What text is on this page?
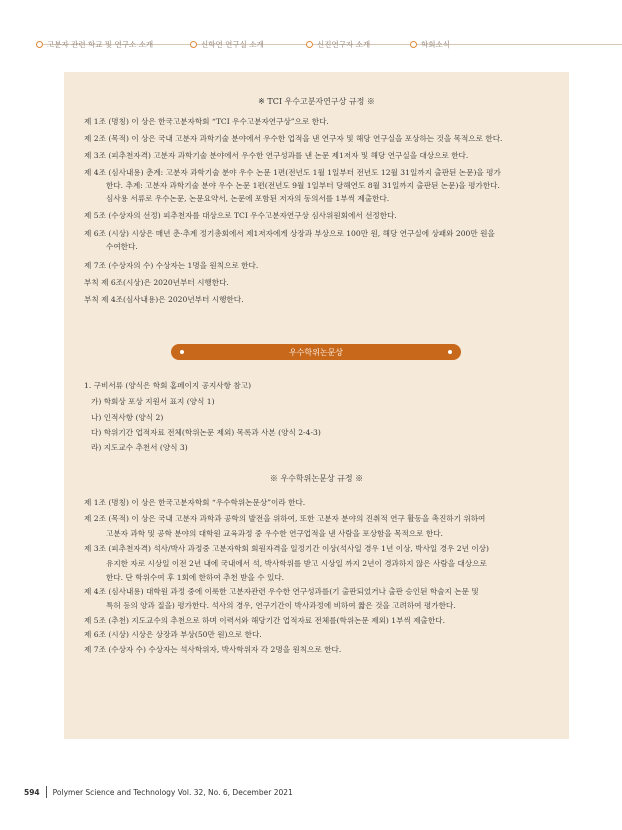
고분자 관련 학교 및 연구소 소개	신학연 연구실 소개	신진연구자 소개	학회소식
※ TCI 우수고분자연구상 규정 ※
제 1조 (명칭) 이 상은 한국고분자학회 “TCI 우수고분자연구상”으로 한다.
제 2조 (목적) 이 상은 국내 고분자 과학기술 분야에서 우수한 업적을 낸 연구자 및 해당 연구실을 포상하는 것을 목적으로 한다.
제 3조 (피추천자격) 고분자 과학기술 분야에서 우수한 연구성과를 낸 논문 제1저자 및 해당 연구실을 대상으로 한다.
제 4조 (심사내용) 춘계: 고분자 과학기술 분야 우수 논문 1편(전년도 1월 1일부터 전년도 12월 31일까지 출판된 논문)을 평가
한다. 추계: 고분자 과학기술 분야 우수 논문 1편(전년도 9월 1일부터 당해연도 8월 31일까지 출판된 논문)을 평가한다.
심사용 서류로 우수논문, 논문요약서, 논문에 포함된 저자의 동의서를 1부씩 제출한다.
제 5조 (수상자의 선정) 피추천자를 대상으로 TCI 우수고분자연구상 심사위원회에서 선정한다.
제 6조 (시상) 시상은 매년 춘·추계 정기총회에서 제1저자에게 상장과 부상으로 100만 원, 해당 연구실에 상패와 200만 원을
수여한다.
제 7조 (수상자의 수) 수상자는 1명을 원칙으로 한다.
부칙 제 6조(시상)은 2020년부터 시행한다.
부칙 제 4조(심사내용)은 2020년부터 시행한다.
우수학위논문상
1. 구비서류 (양식은 학회 홈페이지 공지사항 참고)
가) 학회상 포상 지원서 표지 (양식 1)
나) 인적사항 (양식 2)
다) 학위기간 업적자료 전체(학위논문 제외) 목록과 사본 (양식 2-4-3)
라) 지도교수 추천서 (양식 3)
※ 우수학위논문상 규정 ※
제 1조 (명칭) 이 상은 한국고분자학회 “우수학위논문상”이라 한다.
제 2조 (목적) 이 상은 국내 고분자 과학과 공학의 발전을 위하여, 또한 고분자 분야의 진취적 연구 활동을 촉진하기 위하여
고분자 과학 및 공학 분야의 대학원 교육과정 중 우수한 연구업적을 낸 사람을 포상함을 목적으로 한다.
제 3조 (피추천자격) 석사/박사 과정중 고분자학회 회원자격을 일정기간 이상(석사일 경우 1년 이상, 박사일 경우 2년 이상)
유지한 자로 시상일 이전 2년 내에 국내에서 석, 박사학위를 받고 시상일 까지 2년이 경과하지 않은 사람을 대상으로
한다. 단 학위수여 후 1회에 한하여 추천 받을 수 있다.
제 4조 (심사내용) 대학원 과정 중에 이룩한 고분자관련 우수한 연구성과를(기 출판되었거나 출판 승인된 학술지 논문 및
특허 등의 양과 질을) 평가한다. 석사의 경우, 연구기간이 박사과정에 비하여 짧은 것을 고려하여 평가한다.
제 5조 (추천) 지도교수의 추천으로 하며 이력서와 해당기간 업적자료 전체를(학위논문 제외) 1부씩 제출한다.
제 6조 (시상) 시상은 상장과 부상(50만 원)으로 한다.
제 7조 (수상자 수) 수상자는 석사학위자, 박사학위자 각 2명을 원칙으로 한다.
594 Polymer Science and Technology Vol. 32, No. 6, December 2021
